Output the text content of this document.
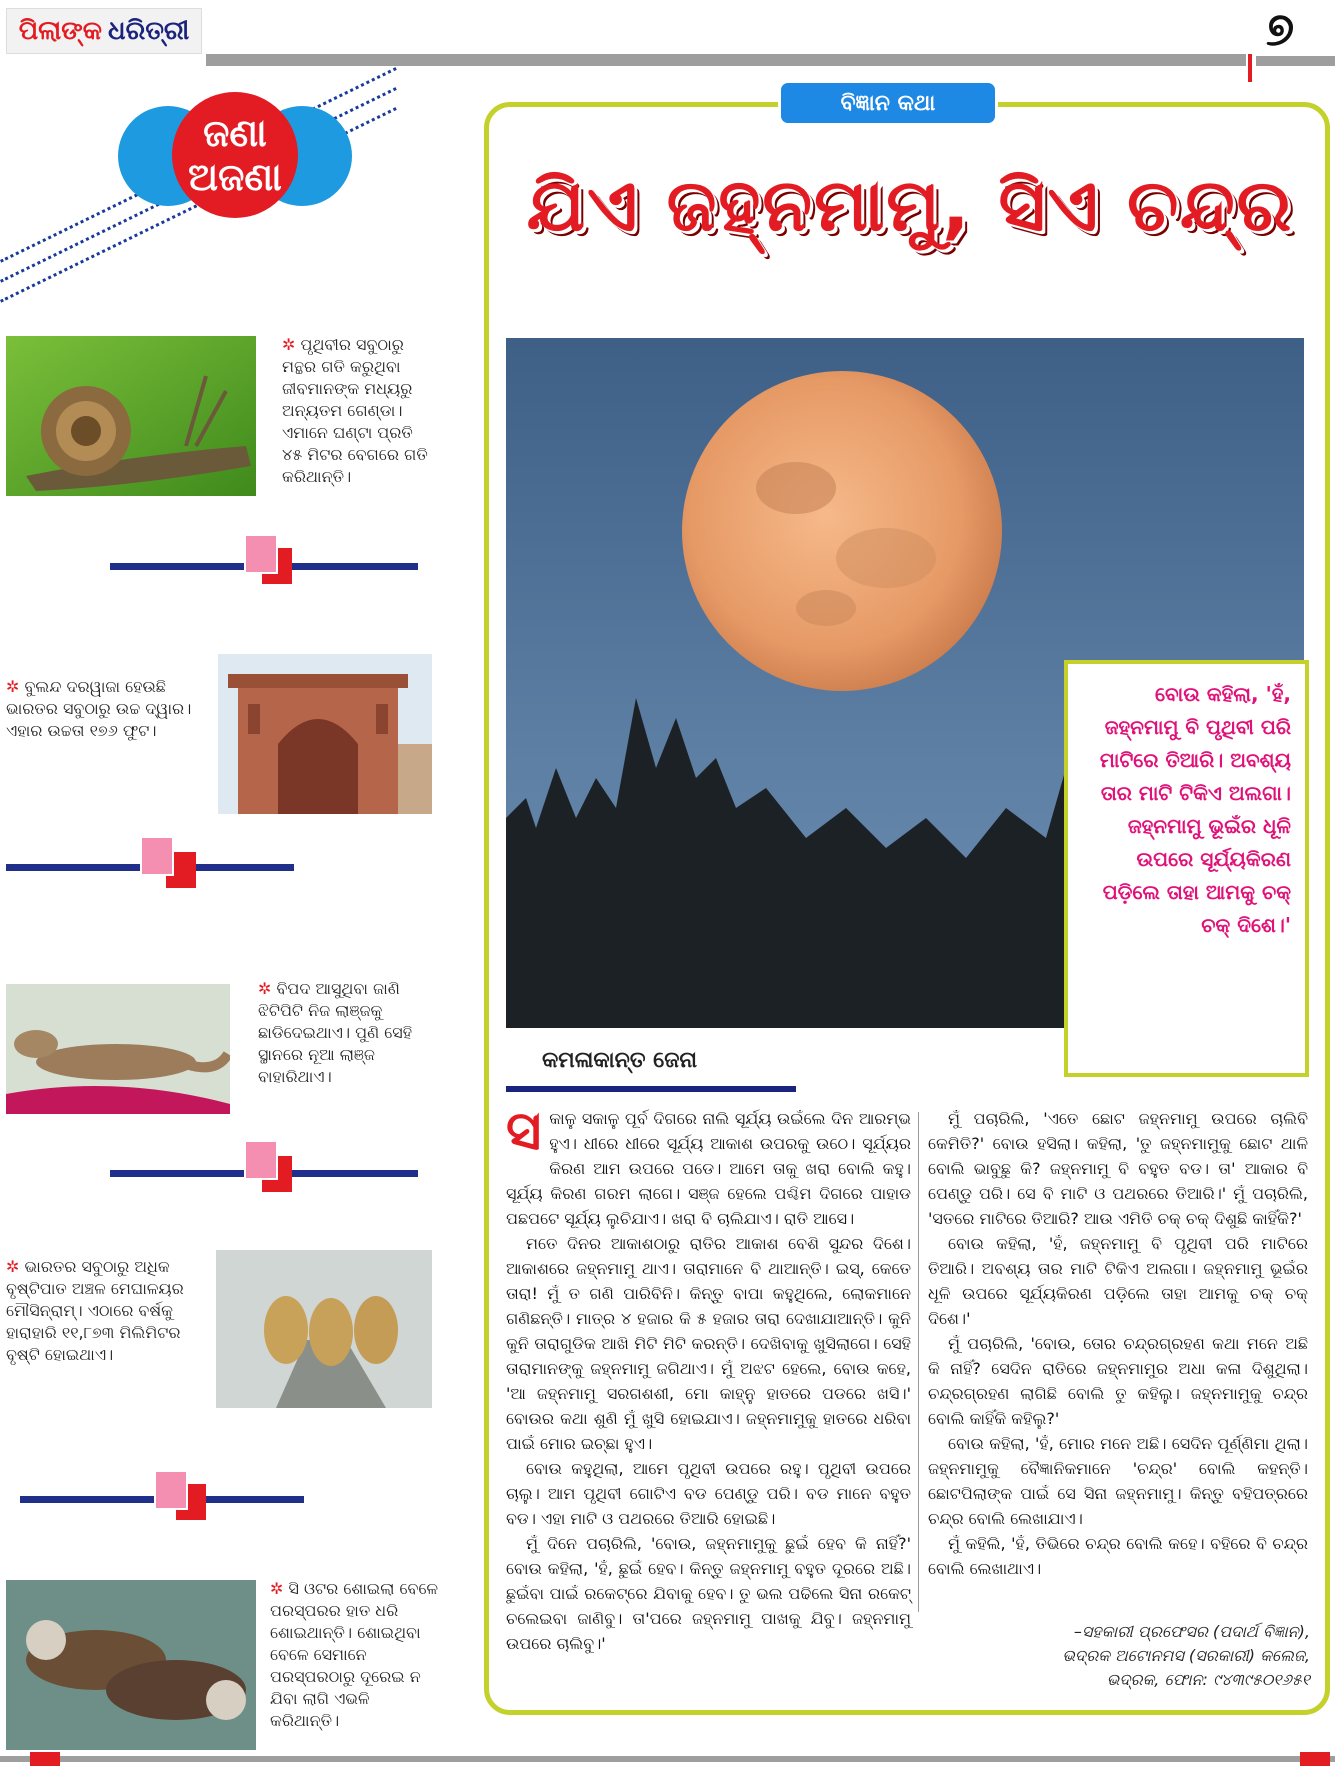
ପିଲାଙ୍କ ଧରିତ୍ରୀ	୭
ଜଣା
ଅଜଣା
✲ ପୃଥିବୀର ସବୁଠାରୁ ମନ୍ଥର ଗତି କରୁଥିବା ଜୀବମାନଙ୍କ ମଧ୍ୟରୁ ଅନ୍ୟତମ ଗେଣ୍ଡା। ଏମାନେ ଘଣ୍ଟା ପ୍ରତି ୪୫ ମିଟର ବେଗରେ ଗତି କରିଥାନ୍ତି।
✲ ବୁଲନ୍ଦ ଦରୱାଜା ହେଉଛି ଭାରତର ସବୁଠାରୁ ଉଚ୍ଚ ଦ୍ୱାର। ଏହାର ଉଚ୍ଚତା ୧୭୬ ଫୁଟ।
✲ ବିପଦ ଆସୁଥିବା ଜାଣି ଝିଟିପିଟି ନିଜ ଲାଞ୍ଜକୁ ଛାଡିଦେଇଥାଏ। ପୁଣି ସେହି ସ୍ଥାନରେ ନୂଆ ଲାଞ୍ଜ ବାହାରିଥାଏ।
✲ ଭାରତର ସବୁଠାରୁ ଅଧିକ ବୃଷ୍ଟିପାତ ଅଞ୍ଚଳ ମେଘାଳୟର ମୌସିନ୍‌ରାମ୍। ଏଠାରେ ବର୍ଷକୁ ହାରାହାରି ୧୧,୮୭୩ ମିଲିମିଟର ବୃଷ୍ଟି ହୋଇଥାଏ।
✲ ସି ଓଟର ଶୋଇଲା ବେଳେ ପରସ୍ପରର ହାତ ଧରି ଶୋଇଥାନ୍ତି। ଶୋଇଥିବା ବେଳେ ସେମାନେ ପରସ୍ପରଠାରୁ ଦୂରେଇ ନ ଯିବା ଲାଗି ଏଭଳି କରିଥାନ୍ତି।
ବିଜ୍ଞାନ କଥା
ଯିଏ ଜହ୍ନମାମୁ, ସିଏ ଚନ୍ଦ୍ର
ବୋଉ କହିଲା, 'ହଁ, ଜହ୍ନମାମୁ ବି ପୃଥିବୀ ପରି ମାଟିରେ ତିଆରି। ଅବଶ୍ୟ ତାର ମାଟି ଟିକିଏ ଅଲଗା। ଜହ୍ନମାମୁ ଭୂଇଁର ଧୂଳି ଉପରେ ସୂର୍ଯ୍ୟକିରଣ ପଡ଼ିଲେ ତାହା ଆମକୁ ଚକ୍ ଚକ୍ ଦିଶେ।'
କମଳାକାନ୍ତ ଜେନା
ସ କାଳୁ ସକାଳୁ ପୂର୍ବ ଦିଗରେ ନାଲି ସୂର୍ଯ୍ୟ ଉଇଁଲେ ଦିନ ଆରମ୍ଭ ହୁଏ। ଧୀରେ ଧୀରେ ସୂର୍ଯ୍ୟ ଆକାଶ ଉପରକୁ ଉଠେ। ସୂର୍ଯ୍ୟର କିରଣ ଆମ ଉପରେ ପଡେ। ଆମେ ତାକୁ ଖରା ବୋଲି କହୁ। ସୂର୍ଯ୍ୟ କିରଣ ଗରମ ଲାଗେ। ସଞ୍ଜ ହେଲେ ପଶ୍ଚିମ ଦିଗରେ ପାହାଡ ପଛପଟେ ସୂର୍ଯ୍ୟ ଲୁଚିଯାଏ। ଖରା ବି ଚାଲିଯାଏ। ରାତି ଆସେ।

ମତେ ଦିନର ଆକାଶଠାରୁ ରାତିର ଆକାଶ ବେଶି ସୁନ୍ଦର ଦିଶେ। ଆକାଶରେ ଜହ୍ନମାମୁ ଥାଏ। ତାରାମାନେ ବି ଥାଆନ୍ତି। ଇସ୍, କେତେ ତାରା! ମୁଁ ତ ଗଣି ପାରିବିନି। କିନ୍ତୁ ବାପା କହୁଥିଲେ, ଲୋକମାନେ ଗଣିଛନ୍ତି। ମାତ୍ର ୪ ହଜାର କି ୫ ହଜାର ତାରା ଦେଖାଯାଆନ୍ତି। କୁନି କୁନି ତାରାଗୁଡିକ ଆଖି ମିଟି ମିଟି କରନ୍ତି। ଦେଖିବାକୁ ଖୁସିଲାଗେ। ସେହି ତାରାମାନଙ୍କୁ ଜହ୍ନମାମୁ ଜଗିଥାଏ। ମୁଁ ଅଝଟ ହେଲେ, ବୋଉ କହେ, 'ଆ ଜହ୍ନମାମୁ ସରଗଶଶୀ, ମୋ କାହ୍ନୁ ହାତରେ ପଡରେ ଖସି।' ବୋଉର କଥା ଶୁଣି ମୁଁ ଖୁସି ହୋଇଯାଏ। ଜହ୍ନମାମୁକୁ ହାତରେ ଧରିବା ପାଇଁ ମୋର ଇଚ୍ଛା ହୁଏ।

ବୋଉ କହୁଥିଲା, ଆମେ ପୃଥିବୀ ଉପରେ ରହୁ। ପୃଥିବୀ ଉପରେ ଚାଲୁ। ଆମ ପୃଥିବୀ ଗୋଟିଏ ବଡ ପେଣ୍ଡୁ ପରି। ବଡ ମାନେ ବହୁତ ବଡ। ଏହା ମାଟି ଓ ପଥରରେ ତିଆରି ହୋଇଛି।

ମୁଁ ଦିନେ ପଚାରିଲି, 'ବୋଉ, ଜହ୍ନମାମୁକୁ ଛୁଇଁ ହେବ କି ନାହିଁ?' ବୋଉ କହିଲା, 'ହଁ, ଛୁଇଁ ହେବ। କିନ୍ତୁ ଜହ୍ନମାମୁ ବହୁତ ଦୂରରେ ଅଛି। ଛୁଇଁବା ପାଇଁ ରକେଟ୍‌ରେ ଯିବାକୁ ହେବ। ତୁ ଭଲ ପଢିଲେ ସିନା ରକେଟ୍ ଚଲେଇବା ଜାଣିବୁ। ତା'ପରେ ଜହ୍ନମାମୁ ପାଖକୁ ଯିବୁ। ଜହ୍ନମାମୁ ଉପରେ ଚାଲିବୁ।'

ମୁଁ ପଚାରିଲି, 'ଏତେ ଛୋଟ ଜହ୍ନମାମୁ ଉପରେ ଚାଲିବି କେମିତି?' ବୋଉ ହସିଲା। କହିଲା, 'ତୁ ଜହ୍ନମାମୁକୁ ଛୋଟ ଥାଳି ବୋଲି ଭାବୁଛୁ କି? ଜହ୍ନମାମୁ ବି ବହୁତ ବଡ। ତା' ଆକାର ବି ପେଣ୍ଡୁ ପରି। ସେ ବି ମାଟି ଓ ପଥରରେ ତିଆରି।' ମୁଁ ପଚାରିଲି, 'ସତରେ ମାଟିରେ ତିଆରି? ଆଉ ଏମିତି ଚକ୍ ଚକ୍ ଦିଶୁଛି କାହିଁକି?'

ବୋଉ କହିଲା, 'ହଁ, ଜହ୍ନମାମୁ ବି ପୃଥିବୀ ପରି ମାଟିରେ ତିଆରି। ଅବଶ୍ୟ ତାର ମାଟି ଟିକିଏ ଅଲଗା। ଜହ୍ନମାମୁ ଭୂଇଁର ଧୂଳି ଉପରେ ସୂର୍ଯ୍ୟକିରଣ ପଡ଼ିଲେ ତାହା ଆମକୁ ଚକ୍ ଚକ୍ ଦିଶେ।'

ମୁଁ ପଚାରିଲି, 'ବୋଉ, ତୋର ଚନ୍ଦ୍ରଗ୍ରହଣ କଥା ମନେ ଅଛି କି ନାହିଁ? ସେଦିନ ରାତିରେ ଜହ୍ନମାମୁର ଅଧା କଳା ଦିଶୁଥିଲା। ଚନ୍ଦ୍ରଗ୍ରହଣ ଲାଗିଛି ବୋଲି ତୁ କହିଲୁ। ଜହ୍ନମାମୁକୁ ଚନ୍ଦ୍ର ବୋଲି କାହିଁକି କହିଲୁ?'

ବୋଉ କହିଲା, 'ହଁ, ମୋର ମନେ ଅଛି। ସେଦିନ ପୂର୍ଣ୍ଣିମା ଥିଲା। ଜହ୍ନମାମୁକୁ ବୈଜ୍ଞାନିକମାନେ 'ଚନ୍ଦ୍ର' ବୋଲି କହନ୍ତି। ଛୋଟପିଲାଙ୍କ ପାଇଁ ସେ ସିନା ଜହ୍ନମାମୁ। କିନ୍ତୁ ବହିପତ୍ରରେ ଚନ୍ଦ୍ର ବୋଲି ଲେଖାଯାଏ।

ମୁଁ କହିଲି, 'ହଁ, ତିଭିରେ ଚନ୍ଦ୍ର ବୋଲି କହେ। ବହିରେ ବି ଚନ୍ଦ୍ର ବୋଲି ଲେଖାଥାଏ।

–ସହକାରୀ ପ୍ରଫେସର (ପଦାର୍ଥ ବିଜ୍ଞାନ),
ଭଦ୍ରକ ଅଟୋନମସ (ସରକାରୀ) କଲେଜ,
ଭଦ୍ରକ, ଫୋନ: ୯୪୩୯୫୦୧୬୫୧
